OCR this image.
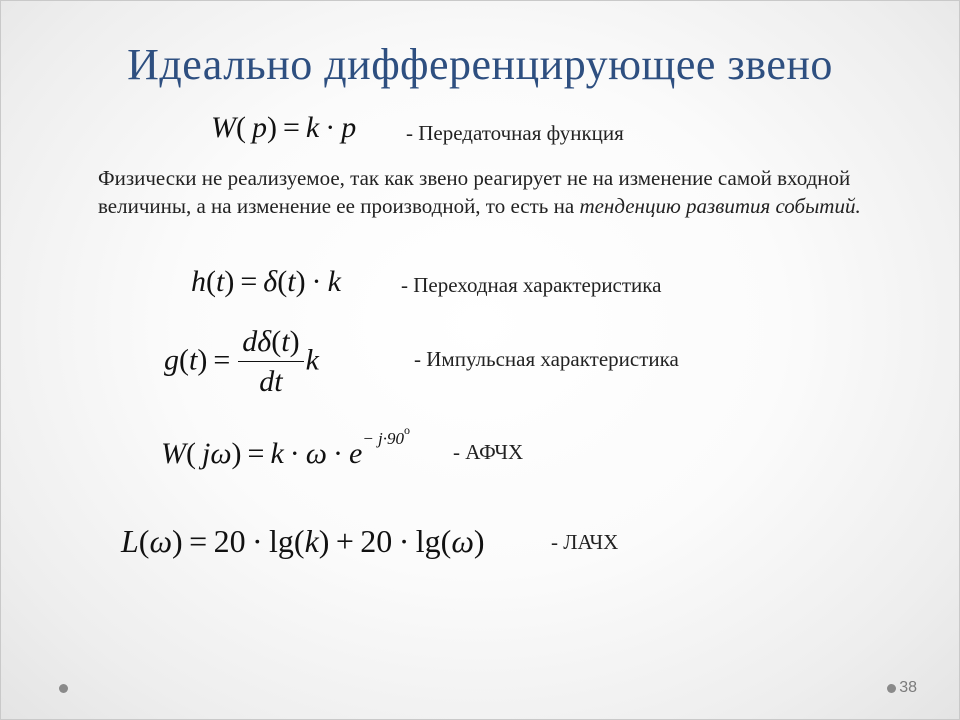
Идеально дифференцирующее звено
W( p) = k · p - Передаточная функция
Физически не реализуемое, так как звено реагирует не на изменение самой входной величины, а на изменение ее производной, то есть на тенденцию развития событий.
h(t) = δ(t) · k	- Переходная характеристика
$g(t) = \frac{d\delta(t)}{dt}$ k	- Импульсная характеристика
W( $j\omega) = k \cdot \omega \cdot e^{- j\cdot 90^o}$
- АФЧХ
L(ω) = 20 · lg(k) + 20 · lg(ω)	- ЛАЧХ
38
